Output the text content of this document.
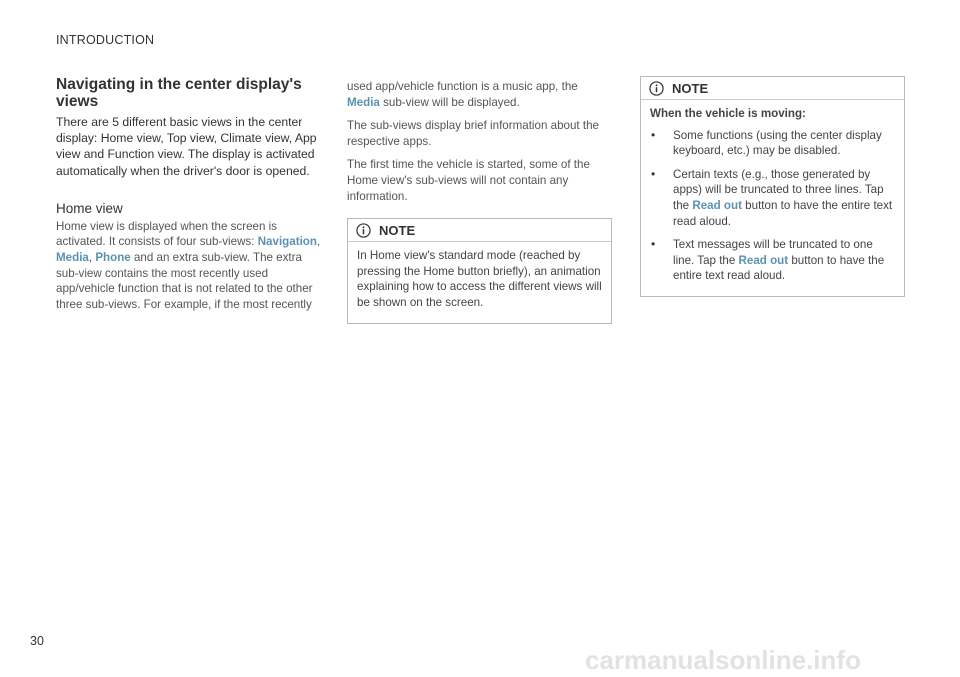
INTRODUCTION
Navigating in the center display's views

There are 5 different basic views in the center display: Home view, Top view, Climate view, App view and Function view. The display is activated automatically when the driver's door is opened.

Home view

Home view is displayed when the screen is activated. It consists of four sub-views: Navigation, Media, Phone and an extra sub-view. The extra sub-view contains the most recently used app/vehicle function that is not related to the other three sub-views. For example, if the most recently

used app/vehicle function is a music app, the Media sub-view will be displayed.

The sub-views display brief information about the respective apps.

The first time the vehicle is started, some of the Home view's sub-views will not contain any information.

NOTE

In Home view's standard mode (reached by pressing the Home button briefly), an animation explaining how to access the different views will be shown on the screen.

NOTE

When the vehicle is moving:

• Some functions (using the center display keyboard, etc.) may be disabled.
• Certain texts (e.g., those generated by apps) will be truncated to three lines. Tap the Read out button to have the entire text read aloud.
• Text messages will be truncated to one line. Tap the Read out button to have the entire text read aloud.
30
carmanualsonline.info
